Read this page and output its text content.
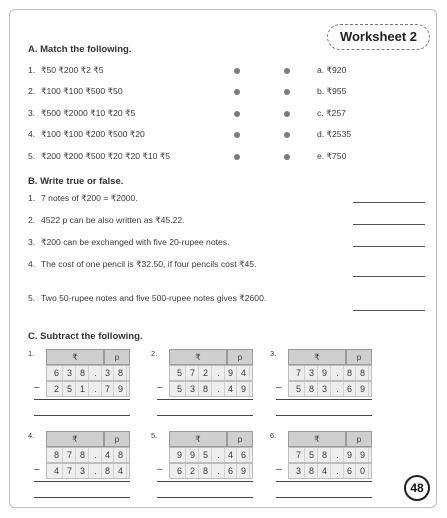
Worksheet 2
A. Match the following.
1. ₹50 ₹200 ₹2 ₹5	a. ₹920
2. ₹100 ₹100 ₹500 ₹50	b. ₹955
3. ₹500 ₹2000 ₹10 ₹20 ₹5	c. ₹257
4. ₹100 ₹100 ₹200 ₹500 ₹20	d. ₹2535
5. ₹200 ₹200 ₹500 ₹20 ₹20 ₹10 ₹5	e. ₹750
B. Write true or false.
1. 7 notes of ₹200 = ₹2000.
2. 4522 p can be also written as ₹45.22.
3. ₹200 can be exchanged with five 20-rupee notes.
4. The cost of one pencil is ₹32.50, if four pencils cost ₹45.
5. Two 50-rupee notes and five 500-rupee notes gives ₹2600.
C. Subtract the following.
1.	₹	p
6 3 8	. 3 8
2 5 1	. 7 9
–
2.	₹	p
5 7 2	. 9 4
5 3 8	. 4 9
–
3.	₹	p
7 3 9	. 8 8
5 8 3	. 6 9
–
4.	₹	p
8 7 8	. 4 8
4 7 3	. 8 4
–
5.	₹	p
9 9 5	. 4 6
6 2 8	. 6 9
–
6.	₹	p
7 5 8	. 9 9
3 8 4	. 6 0
–
48
